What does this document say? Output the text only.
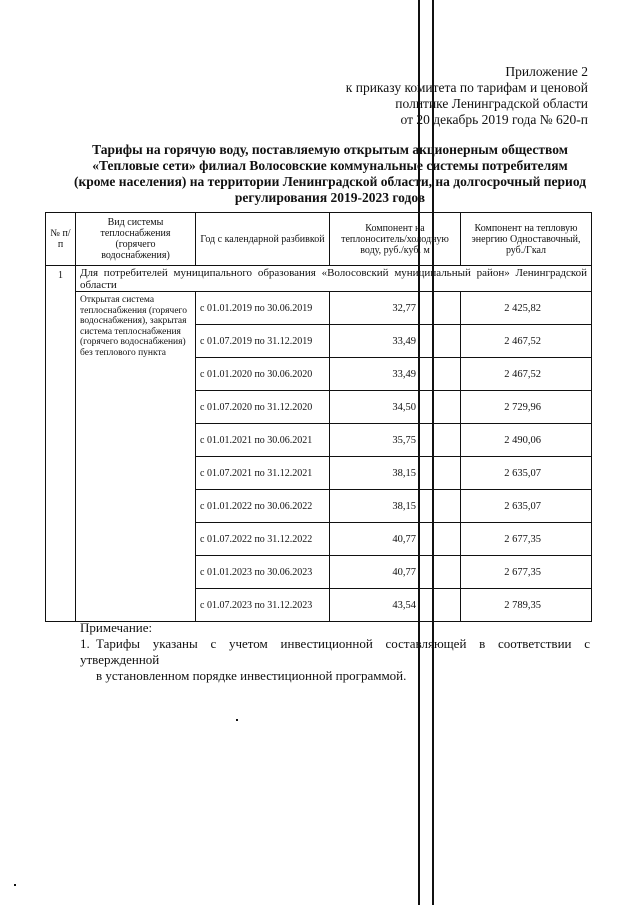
Приложение 2
к приказу комитета по тарифам и ценовой
политике Ленинградской области
от 20 декабрь 2019 года № 620-п
Тарифы на горячую воду, поставляемую открытым акционерным обществом
«Тепловые сети» филиал Волосовские коммунальные системы потребителям
(кроме населения) на территории Ленинградской области, на долгосрочный период
регулирования 2019-2023 годов
№ п/п	Вид системы теплоснабжения (горячего водоснабжения)	Год с календарной разбивкой	Компонент на теплоноситель/холодную воду, руб./куб. м	Компонент на тепловую энергию Одноставочный, руб./Гкал
1	Для потребителей муниципального образования «Волосовский муниципальный район» Ленинградской области			
	Открытая система теплоснабжения (горячего водоснабжения), закрытая система теплоснабжения (горячего водоснабжения) без теплового пункта	с 01.01.2019 по 30.06.2019	32,77	2 425,82
		с 01.07.2019 по 31.12.2019	33,49	2 467,52
		с 01.01.2020 по 30.06.2020	33,49	2 467,52
		с 01.07.2020 по 31.12.2020	34,50	2 729,96
		с 01.01.2021 по 30.06.2021	35,75	2 490,06
		с 01.07.2021 по 31.12.2021	38,15	2 635,07
		с 01.01.2022 по 30.06.2022	38,15	2 635,07
		с 01.07.2022 по 31.12.2022	40,77	2 677,35
		с 01.01.2023 по 30.06.2023	40,77	2 677,35
		с 01.07.2023 по 31.12.2023	43,54	2 789,35
Примечание:
1. Тарифы указаны с учетом инвестиционной составляющей в соответствии с утвержденной
в установленном порядке инвестиционной программой.
